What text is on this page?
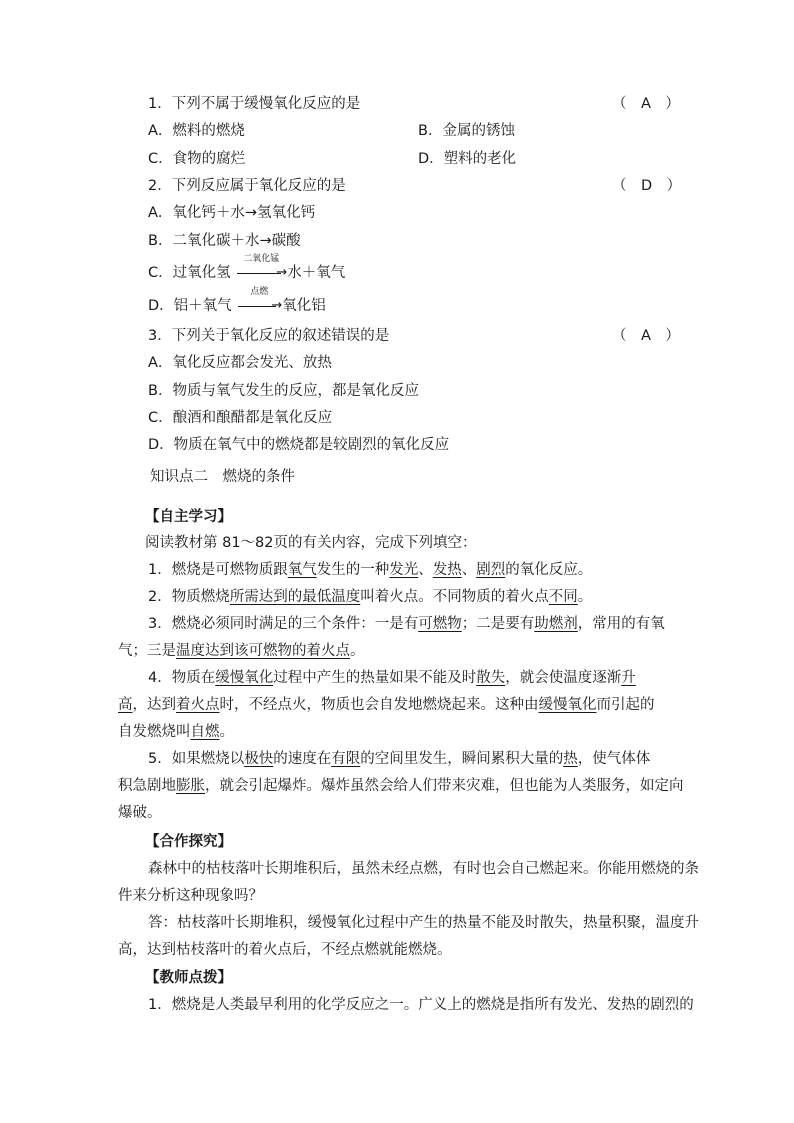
1．下列不属于缓慢氧化反应的是	（　A　）
A．燃料的燃烧	B．金属的锈蚀
C．食物的腐烂	D．塑料的老化
2．下列反应属于氧化反应的是	（　D　）
A．氧化钙＋水→氢氧化钙
B．二氧化碳＋水→碳酸
C．过氧化氢
二氧化锰
→ 水＋氧气
D．铝＋氧气
点燃
→ 氧化铝
3．下列关于氧化反应的叙述错误的是	（　A　）
A．氧化反应都会发光、放热
B．物质与氧气发生的反应，都是氧化反应
C．酿酒和酿醋都是氧化反应
D．物质在氧气中的燃烧都是较剧烈的氧化反应
知识点二　燃烧的条件
【自主学习】
阅读教材第 81～82页的有关内容，完成下列填空：
1．燃烧是可燃物质跟氧气发生的一种发光、发热、剧烈的氧化反应。
2．物质燃烧所需达到的最低温度叫着火点。不同物质的着火点不同。
3．燃烧必须同时满足的三个条件：一是有可燃物；二是要有助燃剂，常用的有氧
气；三是温度达到该可燃物的着火点。
4．物质在缓慢氧化过程中产生的热量如果不能及时散失，就会使温度逐渐升
高，达到着火点时，不经点火，物质也会自发地燃烧起来。这种由缓慢氧化而引起的
自发燃烧叫自燃。
5．如果燃烧以极快的速度在有限的空间里发生，瞬间累积大量的热，使气体体
积急剧地膨胀，就会引起爆炸。爆炸虽然会给人们带来灾难，但也能为人类服务，如定向
爆破。
【合作探究】
森林中的枯枝落叶长期堆积后，虽然未经点燃，有时也会自己燃起来。你能用燃烧的条
件来分析这种现象吗？
答：枯枝落叶长期堆积，缓慢氧化过程中产生的热量不能及时散失，热量积聚，温度升
高，达到枯枝落叶的着火点后，不经点燃就能燃烧。
【教师点拨】
1．燃烧是人类最早利用的化学反应之一。广义上的燃烧是指所有发光、发热的剧烈的
